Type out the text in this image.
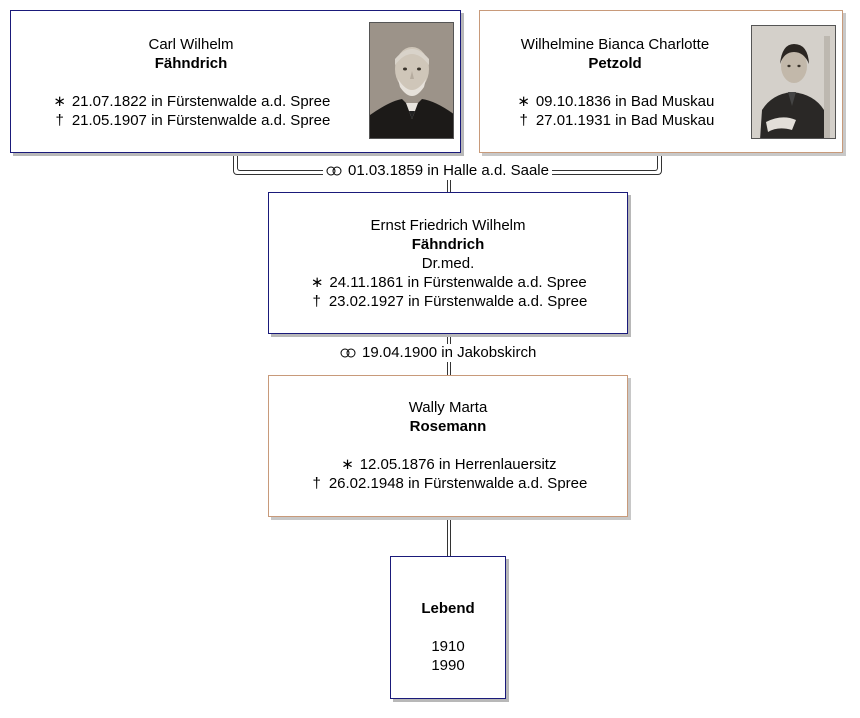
01.03.1859 in Halle a.d. Saale
19.04.1900 in Jakobskirch
Carl Wilhelm
Fähndrich

∗ 21.07.1822 in Fürstenwalde a.d. Spree
† 21.05.1907 in Fürstenwalde a.d. Spree
Wilhelmine Bianca Charlotte
Petzold

∗ 09.10.1836 in Bad Muskau
† 27.01.1931 in Bad Muskau
Ernst Friedrich Wilhelm
Fähndrich
Dr.med.
∗ 24.11.1861 in Fürstenwalde a.d. Spree
† 23.02.1927 in Fürstenwalde a.d. Spree
Wally Marta
Rosemann

∗ 12.05.1876 in Herrenlauersitz
† 26.02.1948 in Fürstenwalde a.d. Spree
Lebend

1910
1990
